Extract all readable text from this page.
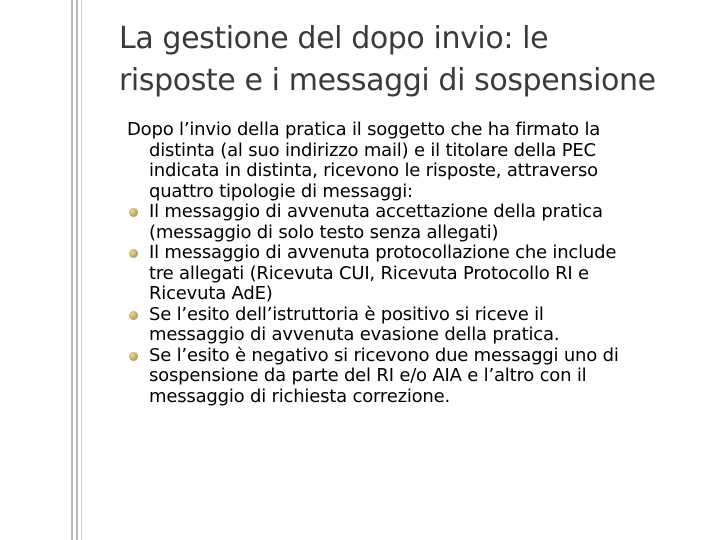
La gestione del dopo invio: le
risposte e i messaggi di sospensione
Dopo l’invio della pratica il soggetto che ha firmato la
distinta (al suo indirizzo mail) e il titolare della PEC
indicata in distinta, ricevono le risposte, attraverso
quattro tipologie di messaggi:
Il messaggio di avvenuta accettazione della pratica
(messaggio di solo testo senza allegati)
Il messaggio di avvenuta protocollazione che include
tre allegati (Ricevuta CUI, Ricevuta Protocollo RI e
Ricevuta AdE)
Se l’esito dell’istruttoria è positivo si riceve il
messaggio di avvenuta evasione della pratica.
Se l’esito è negativo si ricevono due messaggi uno di
sospensione da parte del RI e/o AIA e l’altro con il
messaggio di richiesta correzione.
